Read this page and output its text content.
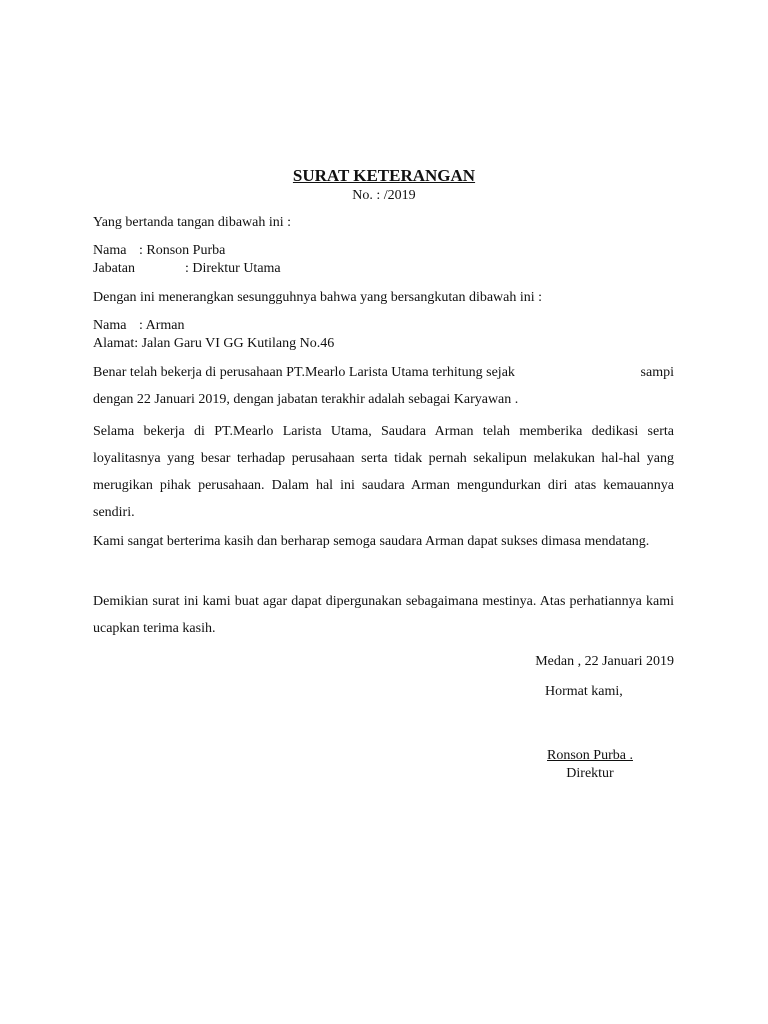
SURAT KETERANGAN
No. : /2019
Yang bertanda tangan dibawah ini :
Nama : Ronson Purba
Jabatan	: Direktur Utama
Dengan ini menerangkan sesungguhnya bahwa yang bersangkutan dibawah ini :
Nama : Arman
Alamat: Jalan Garu VI GG Kutilang No.46
Benar telah bekerja di perusahaan PT.Mearlo Larista Utama terhitung sejak	sampi
dengan 22 Januari 2019, dengan jabatan terakhir adalah sebagai Karyawan .
Selama bekerja di PT.Mearlo Larista Utama, Saudara Arman telah memberika dedikasi serta loyalitasnya yang besar terhadap perusahaan serta tidak pernah sekalipun melakukan hal-hal yang merugikan pihak perusahaan. Dalam hal ini saudara Arman mengundurkan diri atas kemauannya sendiri.
Kami sangat berterima kasih dan berharap semoga saudara Arman dapat sukses dimasa mendatang.
Demikian surat ini kami buat agar dapat dipergunakan sebagaimana mestinya. Atas perhatiannya kami ucapkan terima kasih.
Medan , 22 Januari 2019
Hormat kami,
Ronson Purba .
Direktur
